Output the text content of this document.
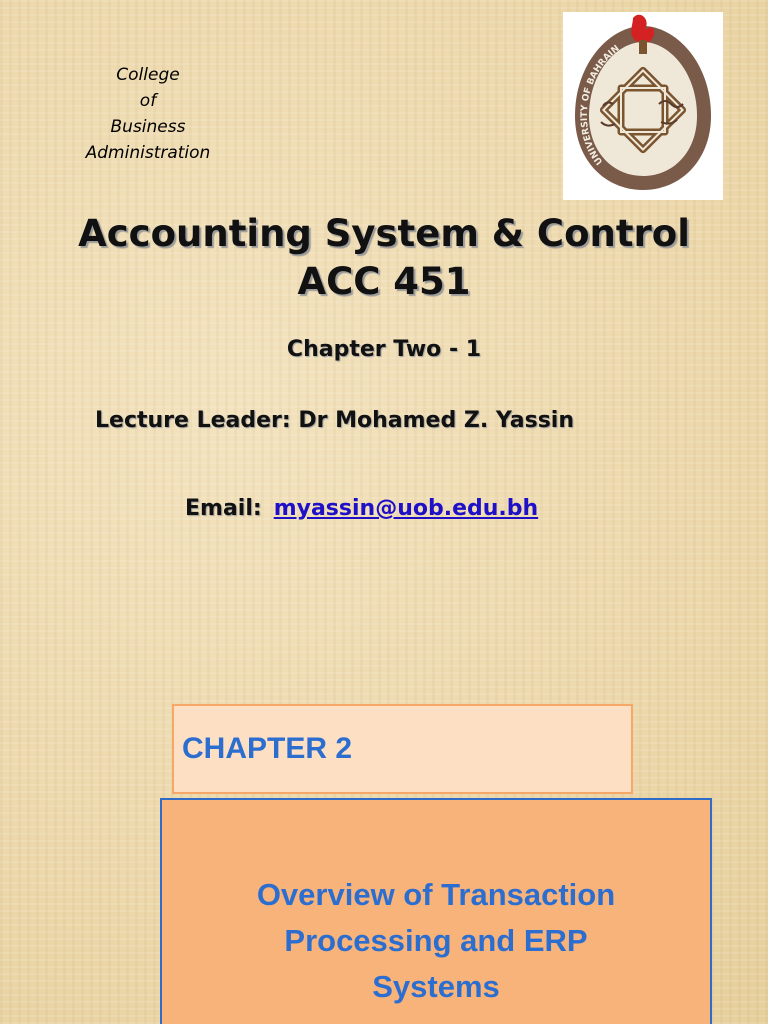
College
of
Business
Administration	UNIVERSITY OF BAHRAIN
Accounting System & Control
ACC 451
Chapter Two - 1
Lecture Leader: Dr Mohamed Z. Yassin
Email: myassin@uob.edu.bh
CHAPTER 2
Overview of Transaction
Processing and ERP
Systems
